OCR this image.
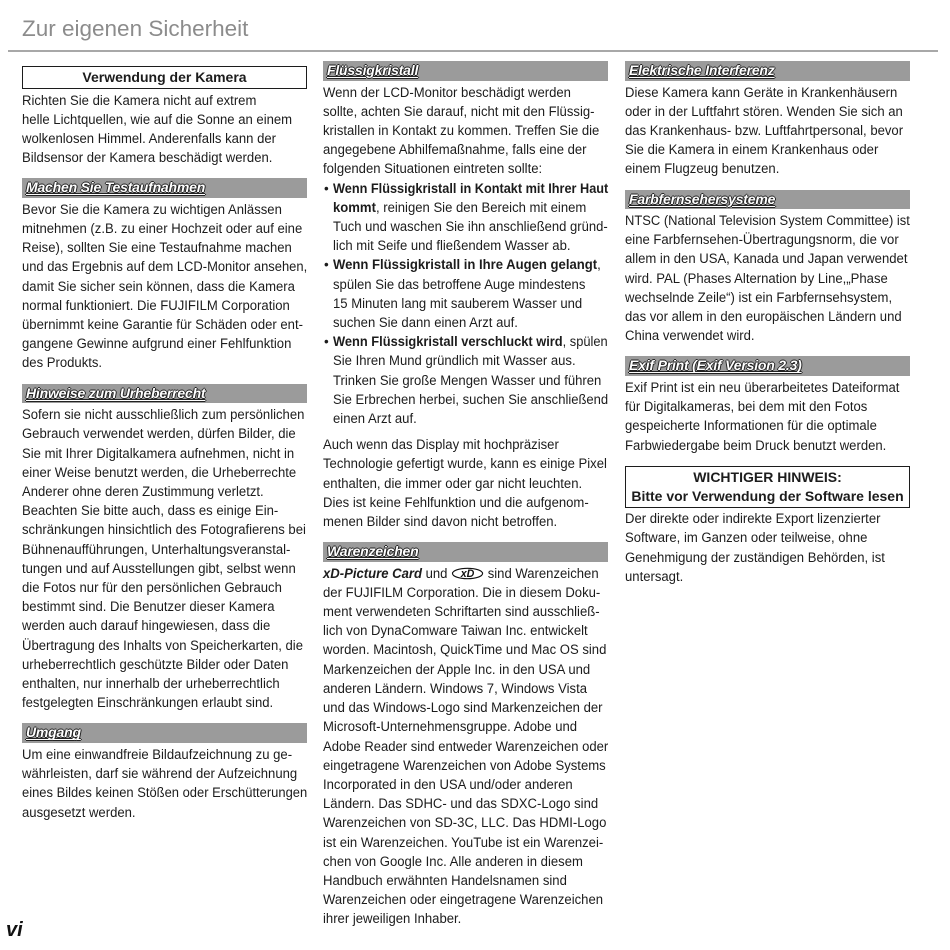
Zur eigenen Sicherheit
Verwendung der Kamera
Richten Sie die Kamera nicht auf extrem
helle Lichtquellen, wie auf die Sonne an einem
wolkenlosen Himmel. Anderenfalls kann der
Bildsensor der Kamera beschädigt werden.
Machen Sie Testaufnahmen
Bevor Sie die Kamera zu wichtigen Anlässen
mitnehmen (z.B. zu einer Hochzeit oder auf eine
Reise), sollten Sie eine Testaufnahme machen
und das Ergebnis auf dem LCD-Monitor ansehen,
damit Sie sicher sein können, dass die Kamera
normal funktioniert. Die FUJIFILM Corporation
übernimmt keine Garantie für Schäden oder ent-
gangene Gewinne aufgrund einer Fehlfunktion
des Produkts.
Hinweise zum Urheberrecht
Sofern sie nicht ausschließlich zum persönlichen
Gebrauch verwendet werden, dürfen Bilder, die
Sie mit Ihrer Digitalkamera aufnehmen, nicht in
einer Weise benutzt werden, die Urheberrechte
Anderer ohne deren Zustimmung verletzt.
Beachten Sie bitte auch, dass es einige Ein-
schränkungen hinsichtlich des Fotografierens bei
Bühnenaufführungen, Unterhaltungsveranstal-
tungen und auf Ausstellungen gibt, selbst wenn
die Fotos nur für den persönlichen Gebrauch
bestimmt sind. Die Benutzer dieser Kamera
werden auch darauf hingewiesen, dass die
Übertragung des Inhalts von Speicherkarten, die
urheberrechtlich geschützte Bilder oder Daten
enthalten, nur innerhalb der urheberrechtlich
festgelegten Einschränkungen erlaubt sind.
Umgang
Um eine einwandfreie Bildaufzeichnung zu ge-
währleisten, darf sie während der Aufzeichnung
eines Bildes keinen Stößen oder Erschütterungen
ausgesetzt werden.
Flüssigkristall
Wenn der LCD-Monitor beschädigt werden
sollte, achten Sie darauf, nicht mit den Flüssig-
kristallen in Kontakt zu kommen. Treffen Sie die
angegebene Abhilfemaßnahme, falls eine der
folgenden Situationen eintreten sollte:
• Wenn Flüssigkristall in Kontakt mit Ihrer Haut
kommt, reinigen Sie den Bereich mit einem
Tuch und waschen Sie ihn anschließend gründ-
lich mit Seife und fließendem Wasser ab.
• Wenn Flüssigkristall in Ihre Augen gelangt,
spülen Sie das betroffene Auge mindestens
15 Minuten lang mit sauberem Wasser und
suchen Sie dann einen Arzt auf.
• Wenn Flüssigkristall verschluckt wird, spülen
Sie Ihren Mund gründlich mit Wasser aus.
Trinken Sie große Mengen Wasser und führen
Sie Erbrechen herbei, suchen Sie anschließend
einen Arzt auf.
Auch wenn das Display mit hochpräziser
Technologie gefertigt wurde, kann es einige Pixel
enthalten, die immer oder gar nicht leuchten.
Dies ist keine Fehlfunktion und die aufgenom-
menen Bilder sind davon nicht betroffen.
Warenzeichen
xD-Picture Card und xD sind Warenzeichen
der FUJIFILM Corporation. Die in diesem Doku-
ment verwendeten Schriftarten sind ausschließ-
lich von DynaComware Taiwan Inc. entwickelt
worden. Macintosh, QuickTime und Mac OS sind
Markenzeichen der Apple Inc. in den USA und
anderen Ländern. Windows 7, Windows Vista
und das Windows-Logo sind Markenzeichen der
Microsoft-Unternehmensgruppe. Adobe und
Adobe Reader sind entweder Warenzeichen oder
eingetragene Warenzeichen von Adobe Systems
Incorporated in den USA und/oder anderen
Ländern. Das SDHC- und das SDXC-Logo sind
Warenzeichen von SD-3C, LLC. Das HDMI-Logo
ist ein Warenzeichen. YouTube ist ein Warenzei-
chen von Google Inc. Alle anderen in diesem
Handbuch erwähnten Handelsnamen sind
Warenzeichen oder eingetragene Warenzeichen
ihrer jeweiligen Inhaber.
Elektrische Interferenz
Diese Kamera kann Geräte in Krankenhäusern
oder in der Luftfahrt stören. Wenden Sie sich an
das Krankenhaus- bzw. Luftfahrtpersonal, bevor
Sie die Kamera in einem Krankenhaus oder
einem Flugzeug benutzen.
Farbfernsehersysteme
NTSC (National Television System Committee) ist
eine Farbfernsehen-Übertragungsnorm, die vor
allem in den USA, Kanada und Japan verwendet
wird. PAL (Phases Alternation by Line,„Phase
wechselnde Zeile“) ist ein Farbfernsehsystem,
das vor allem in den europäischen Ländern und
China verwendet wird.
Exif Print (Exif Version 2.3)
Exif Print ist ein neu überarbeitetes Dateiformat
für Digitalkameras, bei dem mit den Fotos
gespeicherte Informationen für die optimale
Farbwiedergabe beim Druck benutzt werden.
WICHTIGER HINWEIS:
Bitte vor Verwendung der Software lesen
Der direkte oder indirekte Export lizenzierter
Software, im Ganzen oder teilweise, ohne
Genehmigung der zuständigen Behörden, ist
untersagt.
vi
